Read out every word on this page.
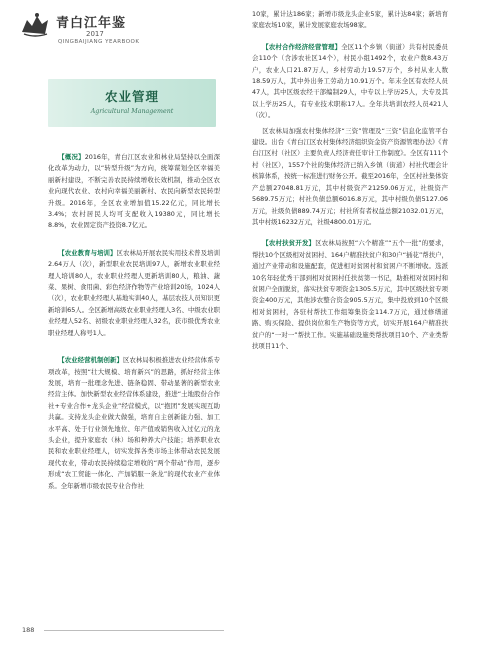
青白江年鉴
2017
QINGBAIJIANG YEARBOOK
农业管理
Agricultural Management

【概况】2016年，青白江区农业和林业局坚持以全面深化改革为动力，以“转型升级”为方向，统筹谋划全区幸福美丽新村建设，不断完善农民持续增收长效机制，推动全区农业向现代农业、农村向幸福美丽新村、农民向新型农民转型升级。2016年，全区农业增加值15.22亿元，同比增长3.4%；农村居民人均可支配收入19380元，同比增长8.8%，农业固定资产投资8.7亿元。

【农业教育与培训】区农林局开展农民实用技术普及培训2.64万人（次），新型职业农民培训97人，新增农业职业经理人培训80人，农业职业经理人更新培训80人，粮油、蔬菜、果树、食用菌、彩色经济作物等产业培训20场，1024人（次），农业职业经理人基地实训40人，基层农技人员知识更新培训65人。全区新增高级农业职业经理人3名、中级农业职业经理人52名、初级农业职业经理人32名，获市级优秀农业职业经理人称号1人。

【农业经营机制创新】区农林局积极推进农业经营体系专项改革，按照“壮大规模、培育新兴”的思路，抓好经营主体发展，培育一批理念先进、链条稳固、带动显著的新型农业经营主体。加快新型农业经营体系建设，推进“土地股份合作社+专业合作+龙头企业”经营模式，以“抱团”发展实现互助共赢。支持龙头企业做大做强，培育自主创新能力强、加工水平高、处于行业领先地位、年产值或销售收入过亿元的龙头企业，提升家庭农（林）场和种养大户技能；培养职业农民和农业职业经理人，切实发挥各类市场主体带动农民发展现代农业，带动农民持续稳定增收的“两个带动”作用，逐步形成“农工贸能一体化、产加销服一条龙”的现代农业产业体系。全年新增市级农民专业合作社

10家，累计达186家；新增市级龙头企业5家，累计达84家；新培育家庭农场10家，累计发展家庭农场98家。

【农村合作经济经营管理】全区11个乡镇（街道）共有村民委员会110个（含涉农社区14个），村民小组1492个，农业户数8.43万户，农业人口21.87万人，乡村劳动力19.57万个，乡村从业人数18.59万人，其中外出务工劳动力10.91万个。年末全区有农经人员47人，其中区级农经干部编制29人，中专以上学历25人，大专及其以上学历25人，有专业技术职称17人。全年共培训农经人员421人（次）。

区农林局加强农村集体经济“三资”管理及“三资”信息化监管平台建设。出台《青白江区农村集体经济组织资金资产资源管理办法》《青白江区村（社区）主要负责人经济责任审计工作制度》。全区有111个村（社区），1557个社的集体经济已纳入乡镇（街道）村社代理会计核算体系，按统一标准进行财务公开。截至2016年，全区村社集体资产总额27048.81万元，其中村级资产21259.06万元，社级资产5689.75万元；村社负债总额6016.8万元，其中村级负债5127.06万元，社级负债889.74万元；村社所有者权益总额21032.01万元，其中村级16232万元，社级4800.01万元。

【农村扶贫开发】区农林局按照“六个精准”“五个一批”的要求，帮扶10个区级相对贫困村、164户精准扶贫户和30户“插花”帮扶户，通过产业带动和设施配套，促进相对贫困村和贫困户不断增收。选派10名年轻优秀干部到相对贫困村任扶贫第一书记，助推相对贫困村和贫困户全面脱贫，落实扶贫专项资金1305.5万元，其中区级扶贫专项资金400万元，其他涉农整合资金905.5万元，集中投放到10个区级相对贫困村，各驻村帮扶工作组筹集资金114.7万元，通过修缮道路、购买保险、提供岗位和生产物资等方式，切实开展164户精准扶贫户的“一对一”帮扶工作。实施基础设施类帮扶项目10个、产业类帮扶项目11个、

188
